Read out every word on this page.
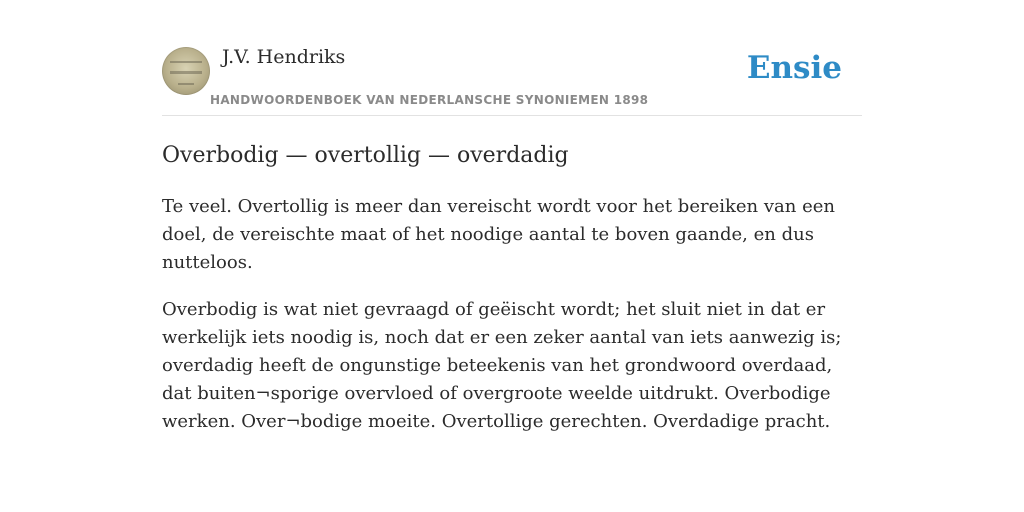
J.V. Hendriks
HANDWOORDENBOEK VAN NEDERLANSCHE SYNONIEMEN 1898
Ensie
Overbodig — overtollig — overdadig

Te veel. Overtollig is meer dan vereischt wordt voor het bereiken van een doel, de vereischte maat of het noodige aantal te boven gaande, en dus nutteloos.

Overbodig is wat niet gevraagd of geëischt wordt; het sluit niet in dat er werkelijk iets noodig is, noch dat er een zeker aantal van iets aanwezig is; overdadig heeft de ongunstige beteekenis van het grondwoord overdaad, dat buiten¬sporige overvloed of overgroote weelde uitdrukt. Overbodige werken. Over¬bodige moeite. Overtollige gerechten. Overdadige pracht.
